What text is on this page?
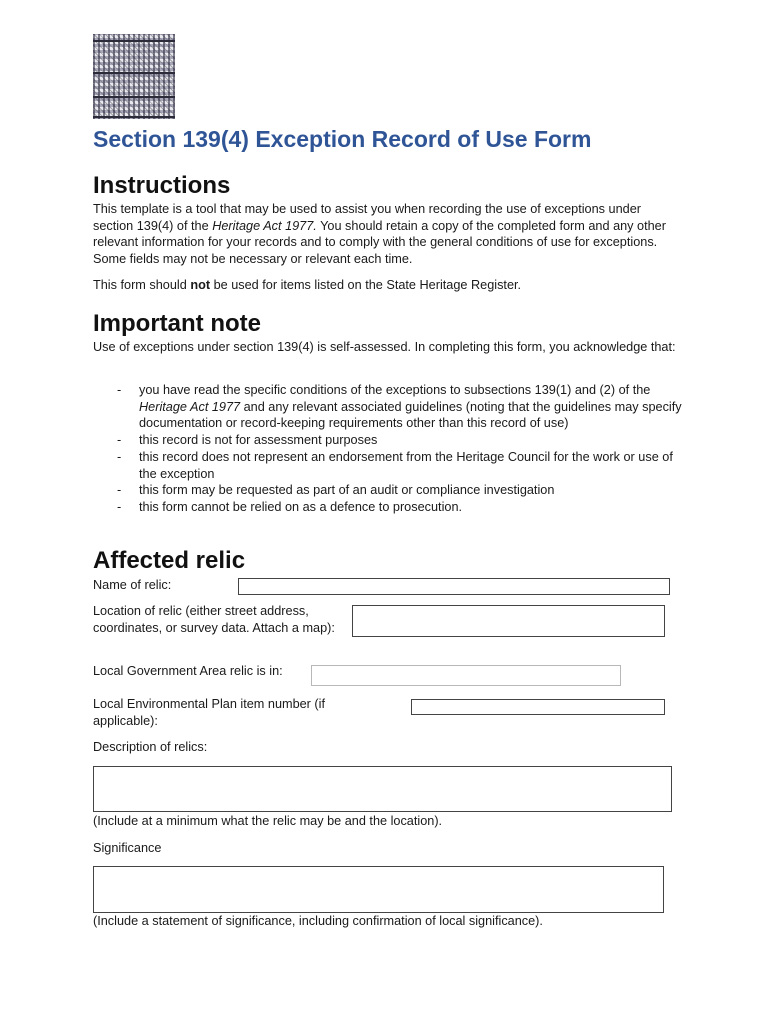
Section 139(4) Exception Record of Use Form
Instructions

This template is a tool that may be used to assist you when recording the use of exceptions under section 139(4) of the Heritage Act 1977. You should retain a copy of the completed form and any other relevant information for your records and to comply with the general conditions of use for exceptions. Some fields may not be necessary or relevant each time.

This form should not be used for items listed on the State Heritage Register.

Important note

Use of exceptions under section 139(4) is self-assessed. In completing this form, you acknowledge that:

- you have read the specific conditions of the exceptions to subsections 139(1) and (2) of the Heritage Act 1977 and any relevant associated guidelines (noting that the guidelines may specify documentation or record-keeping requirements other than this record of use)
- this record is not for assessment purposes
- this record does not represent an endorsement from the Heritage Council for the work or use of the exception
- this form may be requested as part of an audit or compliance investigation
- this form cannot be relied on as a defence to prosecution.
Affected relic

Name of relic:

Location of relic (either street address, coordinates, or survey data. Attach a map):

Local Government Area relic is in:

Local Environmental Plan item number (if applicable):

Description of relics:

(Include at a minimum what the relic may be and the location).

Significance

(Include a statement of significance, including confirmation of local significance).
